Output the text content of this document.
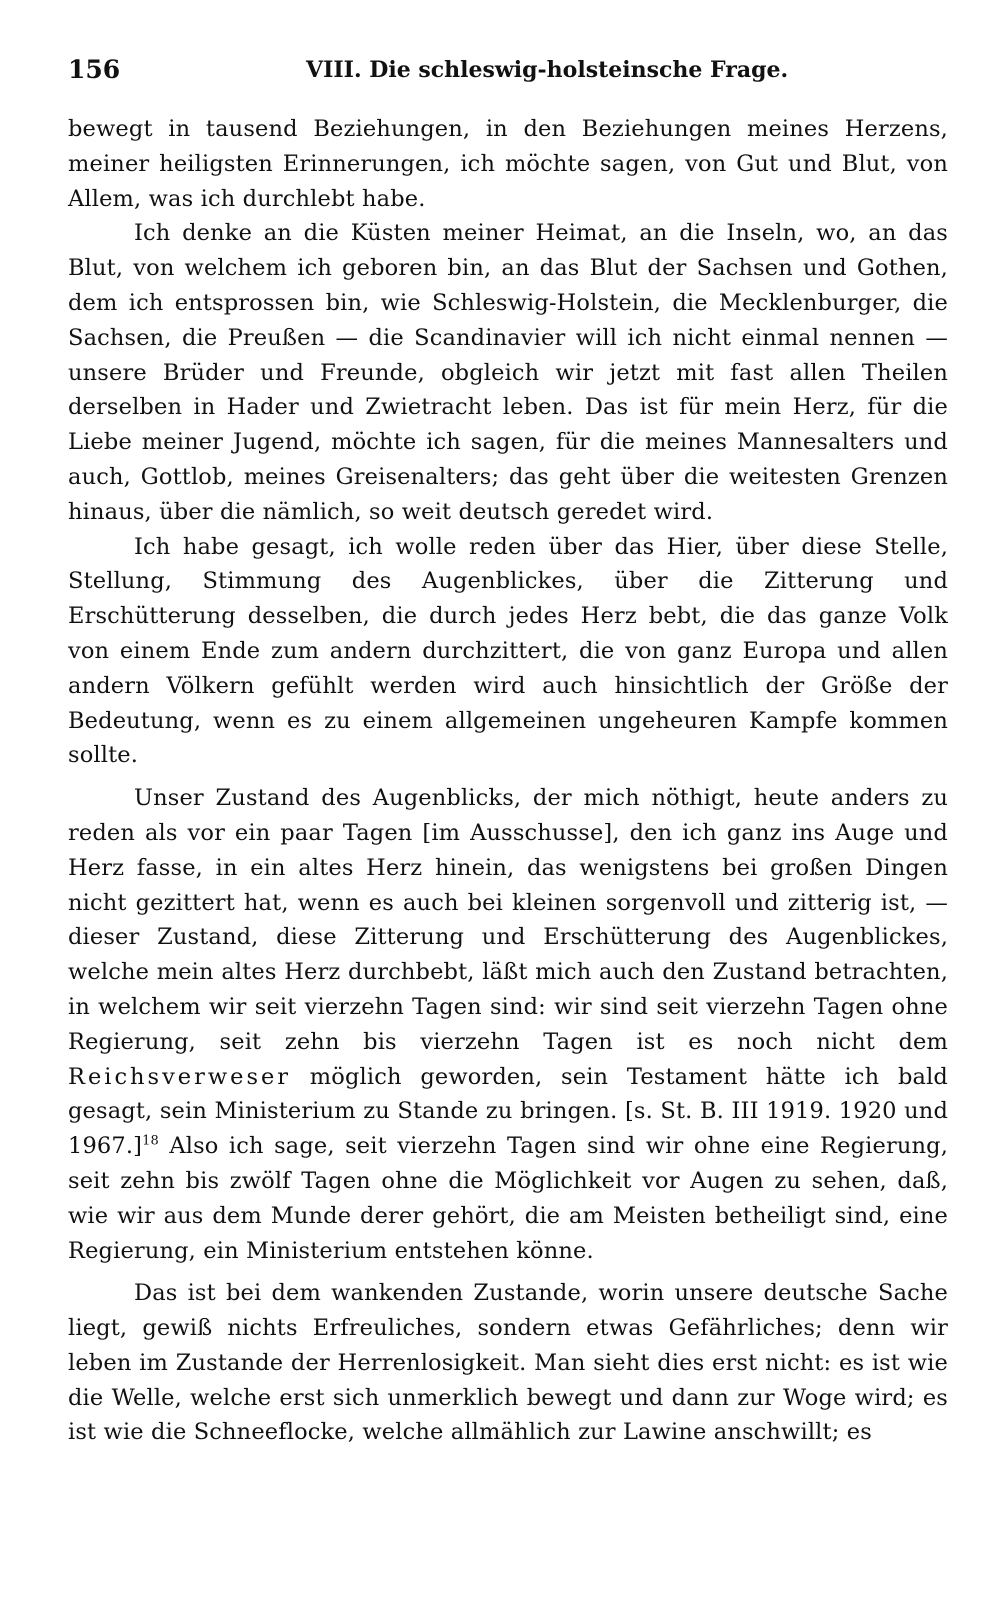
156	VIII. Die schleswig-holsteinsche Frage.

bewegt in tausend Beziehungen, in den Beziehungen meines Herzens, meiner heiligsten Erinnerungen, ich möchte sagen, von Gut und Blut, von Allem, was ich durchlebt habe.

Ich denke an die Küsten meiner Heimat, an die Inseln, wo, an das Blut, von welchem ich geboren bin, an das Blut der Sachsen und Gothen, dem ich entsprossen bin, wie Schleswig-Holstein, die Mecklenburger, die Sachsen, die Preußen — die Scandinavier will ich nicht einmal nennen — unsere Brüder und Freunde, obgleich wir jetzt mit fast allen Theilen derselben in Hader und Zwietracht leben. Das ist für mein Herz, für die Liebe meiner Jugend, möchte ich sagen, für die meines Mannesalters und auch, Gottlob, meines Greisenalters; das geht über die weitesten Grenzen hinaus, über die nämlich, so weit deutsch geredet wird.

Ich habe gesagt, ich wolle reden über das Hier, über diese Stelle, Stellung, Stimmung des Augenblickes, über die Zitterung und Erschütterung desselben, die durch jedes Herz bebt, die das ganze Volk von einem Ende zum andern durchzittert, die von ganz Europa und allen andern Völkern gefühlt werden wird auch hinsichtlich der Größe der Bedeutung, wenn es zu einem allgemeinen ungeheuren Kampfe kommen sollte.

Unser Zustand des Augenblicks, der mich nöthigt, heute anders zu reden als vor ein paar Tagen [im Ausschusse], den ich ganz ins Auge und Herz fasse, in ein altes Herz hinein, das wenigstens bei großen Dingen nicht gezittert hat, wenn es auch bei kleinen sorgenvoll und zitterig ist, — dieser Zustand, diese Zitterung und Erschütterung des Augenblickes, welche mein altes Herz durchbebt, läßt mich auch den Zustand betrachten, in welchem wir seit vierzehn Tagen sind: wir sind seit vierzehn Tagen ohne Regierung, seit zehn bis vierzehn Tagen ist es noch nicht dem Reichsverweser möglich geworden, sein Testament hätte ich bald gesagt, sein Ministerium zu Stande zu bringen. [s. St. B. III 1919. 1920 und 1967.]$^{18}$ Also ich sage, seit vierzehn Tagen sind wir ohne eine Regierung, seit zehn bis zwölf Tagen ohne die Möglichkeit vor Augen zu sehen, daß, wie wir aus dem Munde derer gehört, die am Meisten betheiligt sind, eine Regierung, ein Ministerium entstehen könne.

Das ist bei dem wankenden Zustande, worin unsere deutsche Sache liegt, gewiß nichts Erfreuliches, sondern etwas Gefährliches; denn wir leben im Zustande der Herrenlosigkeit. Man sieht dies erst nicht: es ist wie die Welle, welche erst sich unmerklich bewegt und dann zur Woge wird; es ist wie die Schneeflocke, welche allmählich zur Lawine anschwillt; es
